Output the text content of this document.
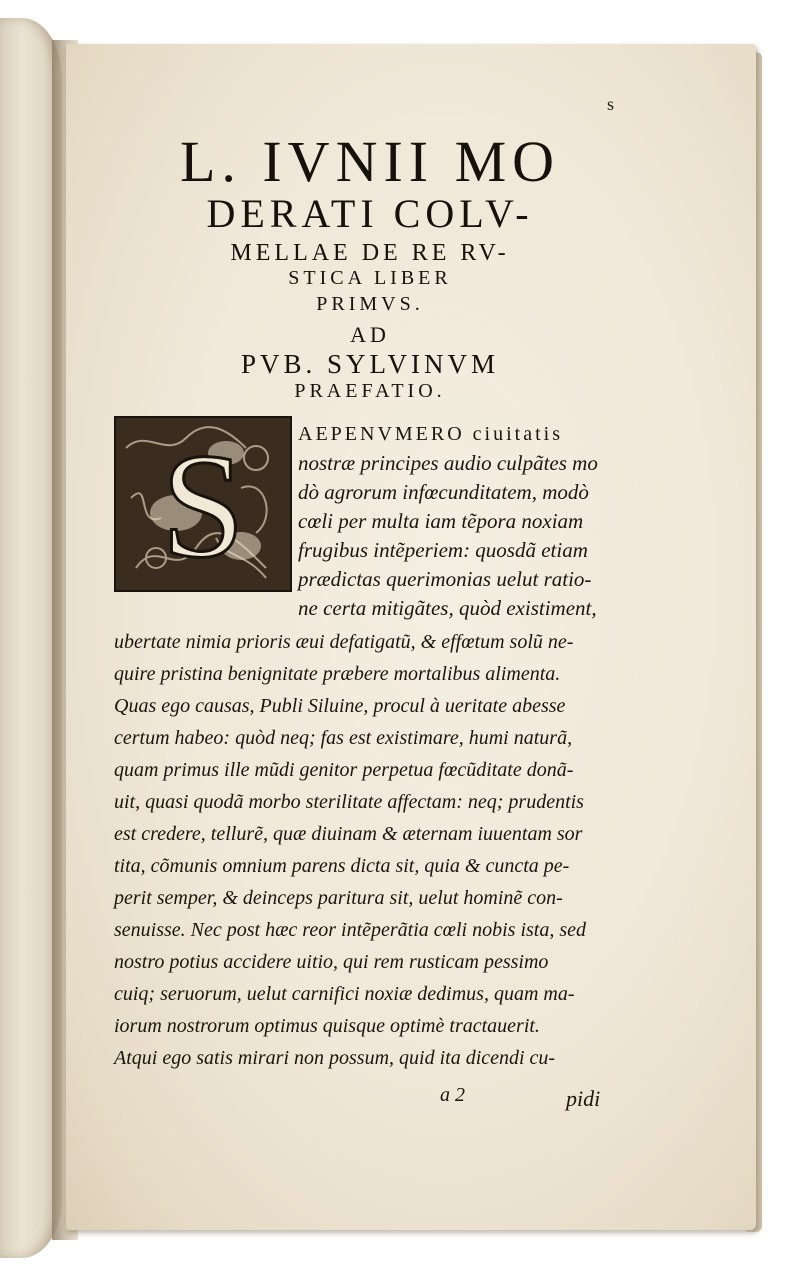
s
L. IVNII MO
DERATI COLV-
MELLAE DE RE RV-
STICA LIBER
PRIMVS.
AD
PVB. SYLVINVM
PRAEFATIO.
S	AEPENVMERO ciuitatis
nostræ principes audio culpãtes mo
dò agrorum infœcunditatem, modò
cœli per multa iam tẽpora noxiam
frugibus intẽperiem: quosdã etiam
prædictas querimonias uelut ratio-
ne certa mitigãtes, quòd existiment,
ubertate nimia prioris æui defatigatũ, & effœtum solũ ne-
quire pristina benignitate præbere mortalibus alimenta.
Quas ego causas, Publi Siluine, procul à ueritate abesse
certum habeo: quòd neq; fas est existimare, humi naturã,
quam primus ille mũdi genitor perpetua fœcũditate donã-
uit, quasi quodã morbo sterilitate affectam: neq; prudentis
est credere, tellurẽ, quæ diuinam & æternam iuuentam sor
tita, cõmunis omnium parens dicta sit, quia & cuncta pe-
perit semper, & deinceps paritura sit, uelut hominẽ con-
senuisse. Nec post hæc reor intẽperãtia cœli nobis ista, sed
nostro potius accidere uitio, qui rem rusticam pessimo
cuiq; seruorum, uelut carnifici noxiæ dedimus, quam ma-
iorum nostrorum optimus quisque optimè tractauerit.
Atqui ego satis mirari non possum, quid ita dicendi cu-
a 2	pidi
